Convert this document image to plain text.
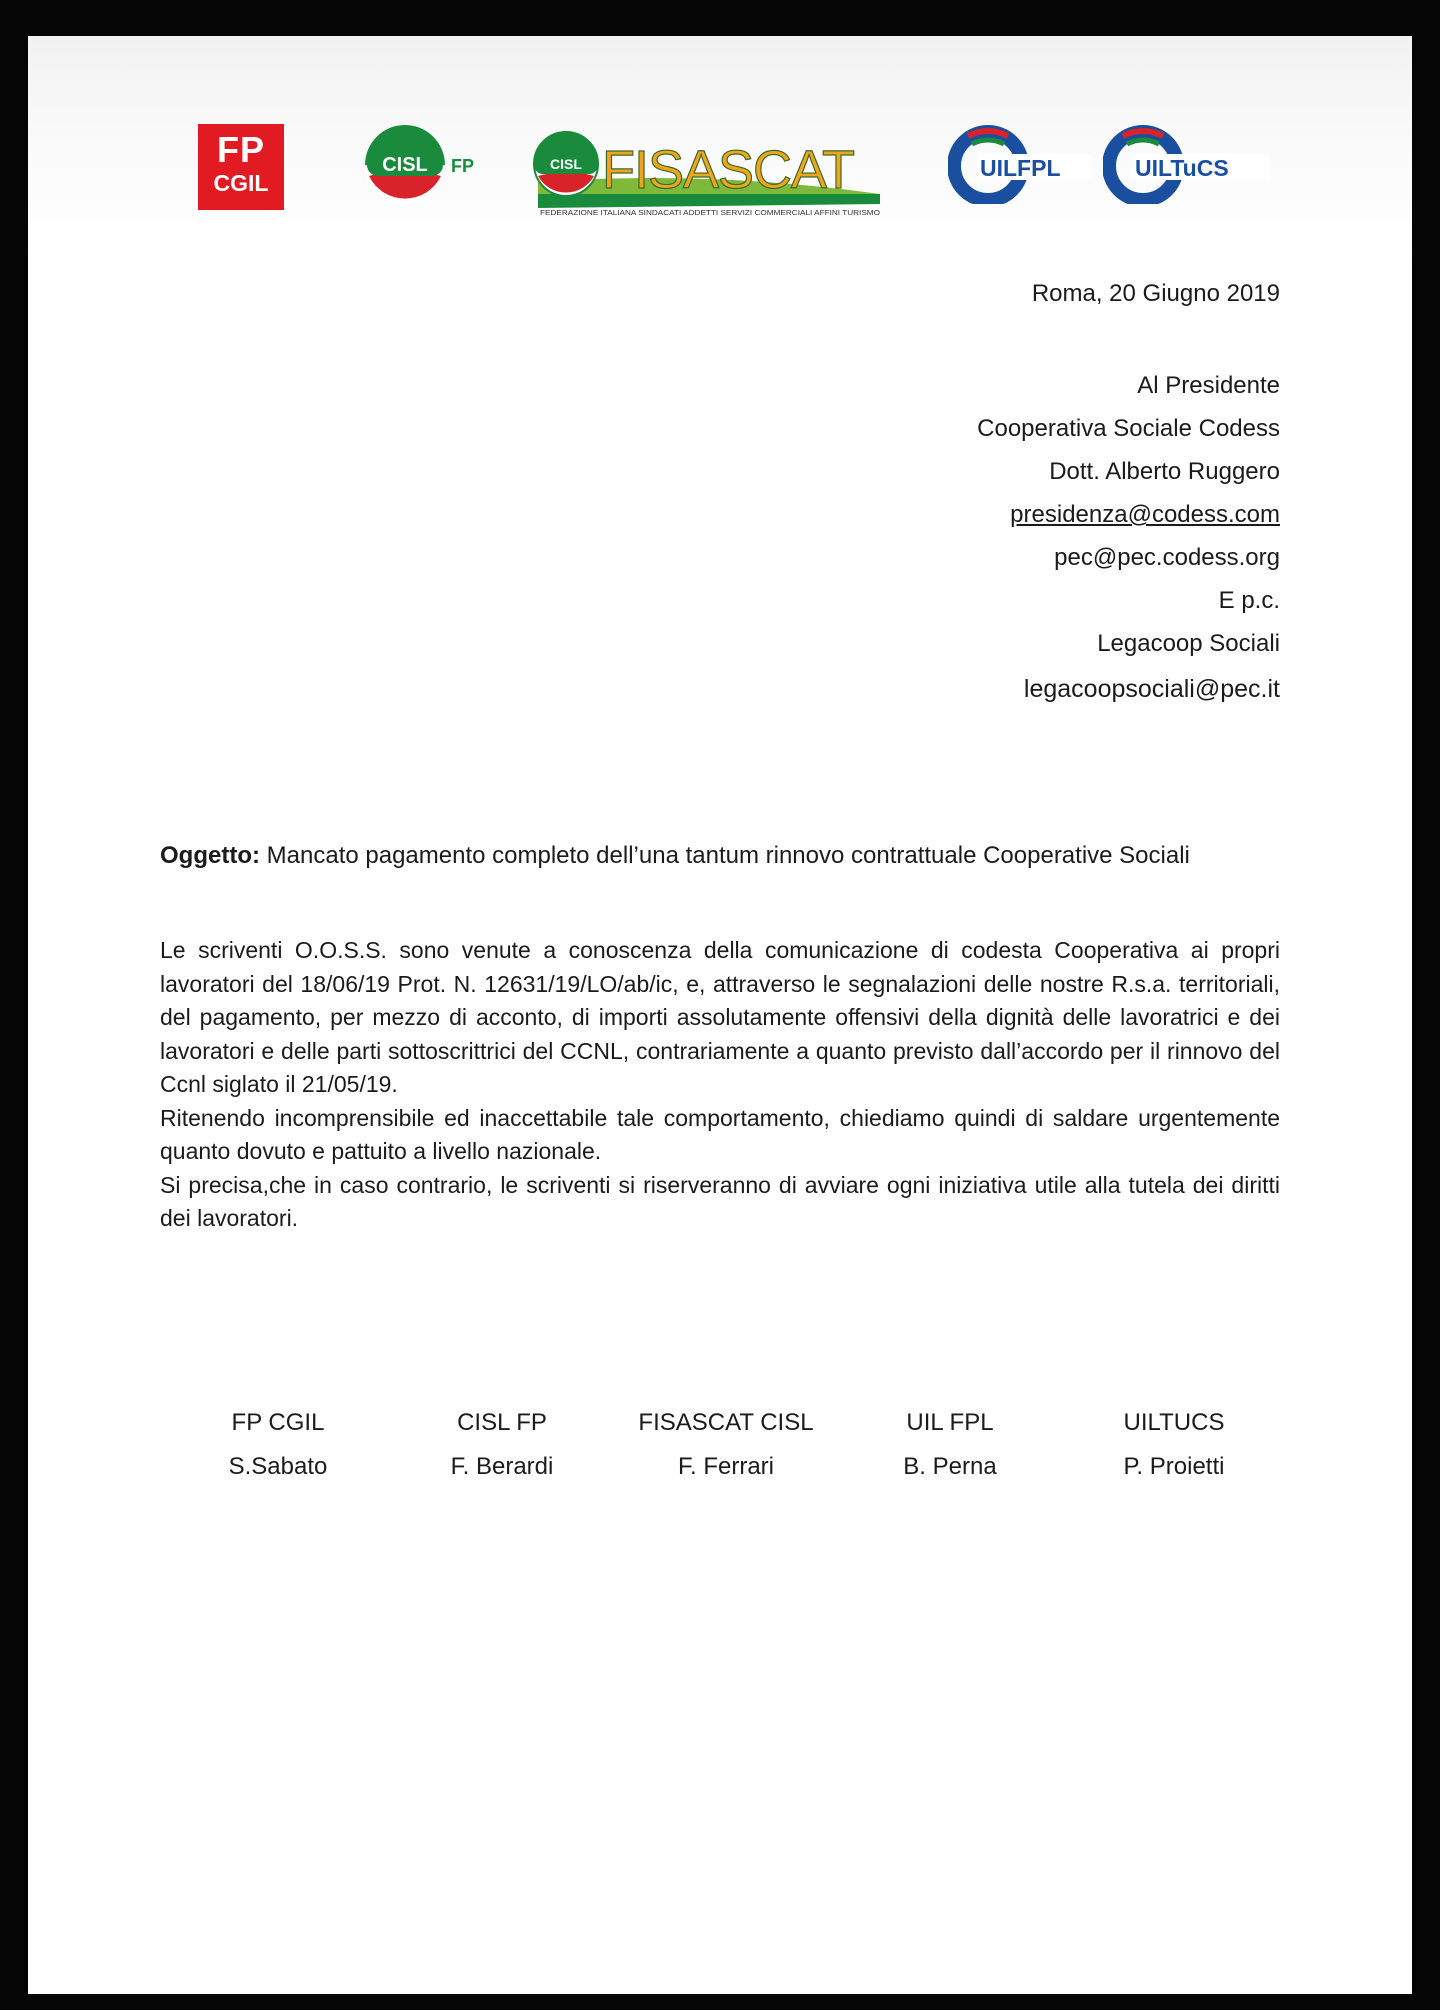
FP
CGIL
CISL FP	CISL FISASCAT
FEDERAZIONE ITALIANA SINDACATI ADDETTI SERVIZI COMMERCIALI AFFINI TURISMO
UILFPL	UILTuCS
Roma, 20 Giugno 2019
Al Presidente
Cooperativa Sociale Codess
Dott. Alberto Ruggero
presidenza@codess.com
pec@pec.codess.org
E p.c.
Legacoop Sociali
legacoopsociali@pec.it
Oggetto: Mancato pagamento completo dell’una tantum rinnovo contrattuale Cooperative Sociali

Le scriventi O.O.S.S. sono venute a conoscenza della comunicazione di codesta Cooperativa ai propri lavoratori del 18/06/19 Prot. N. 12631/19/LO/ab/ic, e, attraverso le segnalazioni delle nostre R.s.a. territoriali, del pagamento, per mezzo di acconto, di importi assolutamente offensivi della dignità delle lavoratrici e dei lavoratori e delle parti sottoscrittrici del CCNL, contrariamente a quanto previsto dall’accordo per il rinnovo del Ccnl siglato il 21/05/19.

Ritenendo incomprensibile ed inaccettabile tale comportamento, chiediamo quindi di saldare urgentemente quanto dovuto e pattuito a livello nazionale.

Si precisa,che in caso contrario, le scriventi si riserveranno di avviare ogni iniziativa utile alla tutela dei diritti dei lavoratori.

FP CGIL
S.Sabato
CISL FP
F. Berardi
FISASCAT CISL
F. Ferrari
UIL FPL
B. Perna
UILTUCS
P. Proietti
